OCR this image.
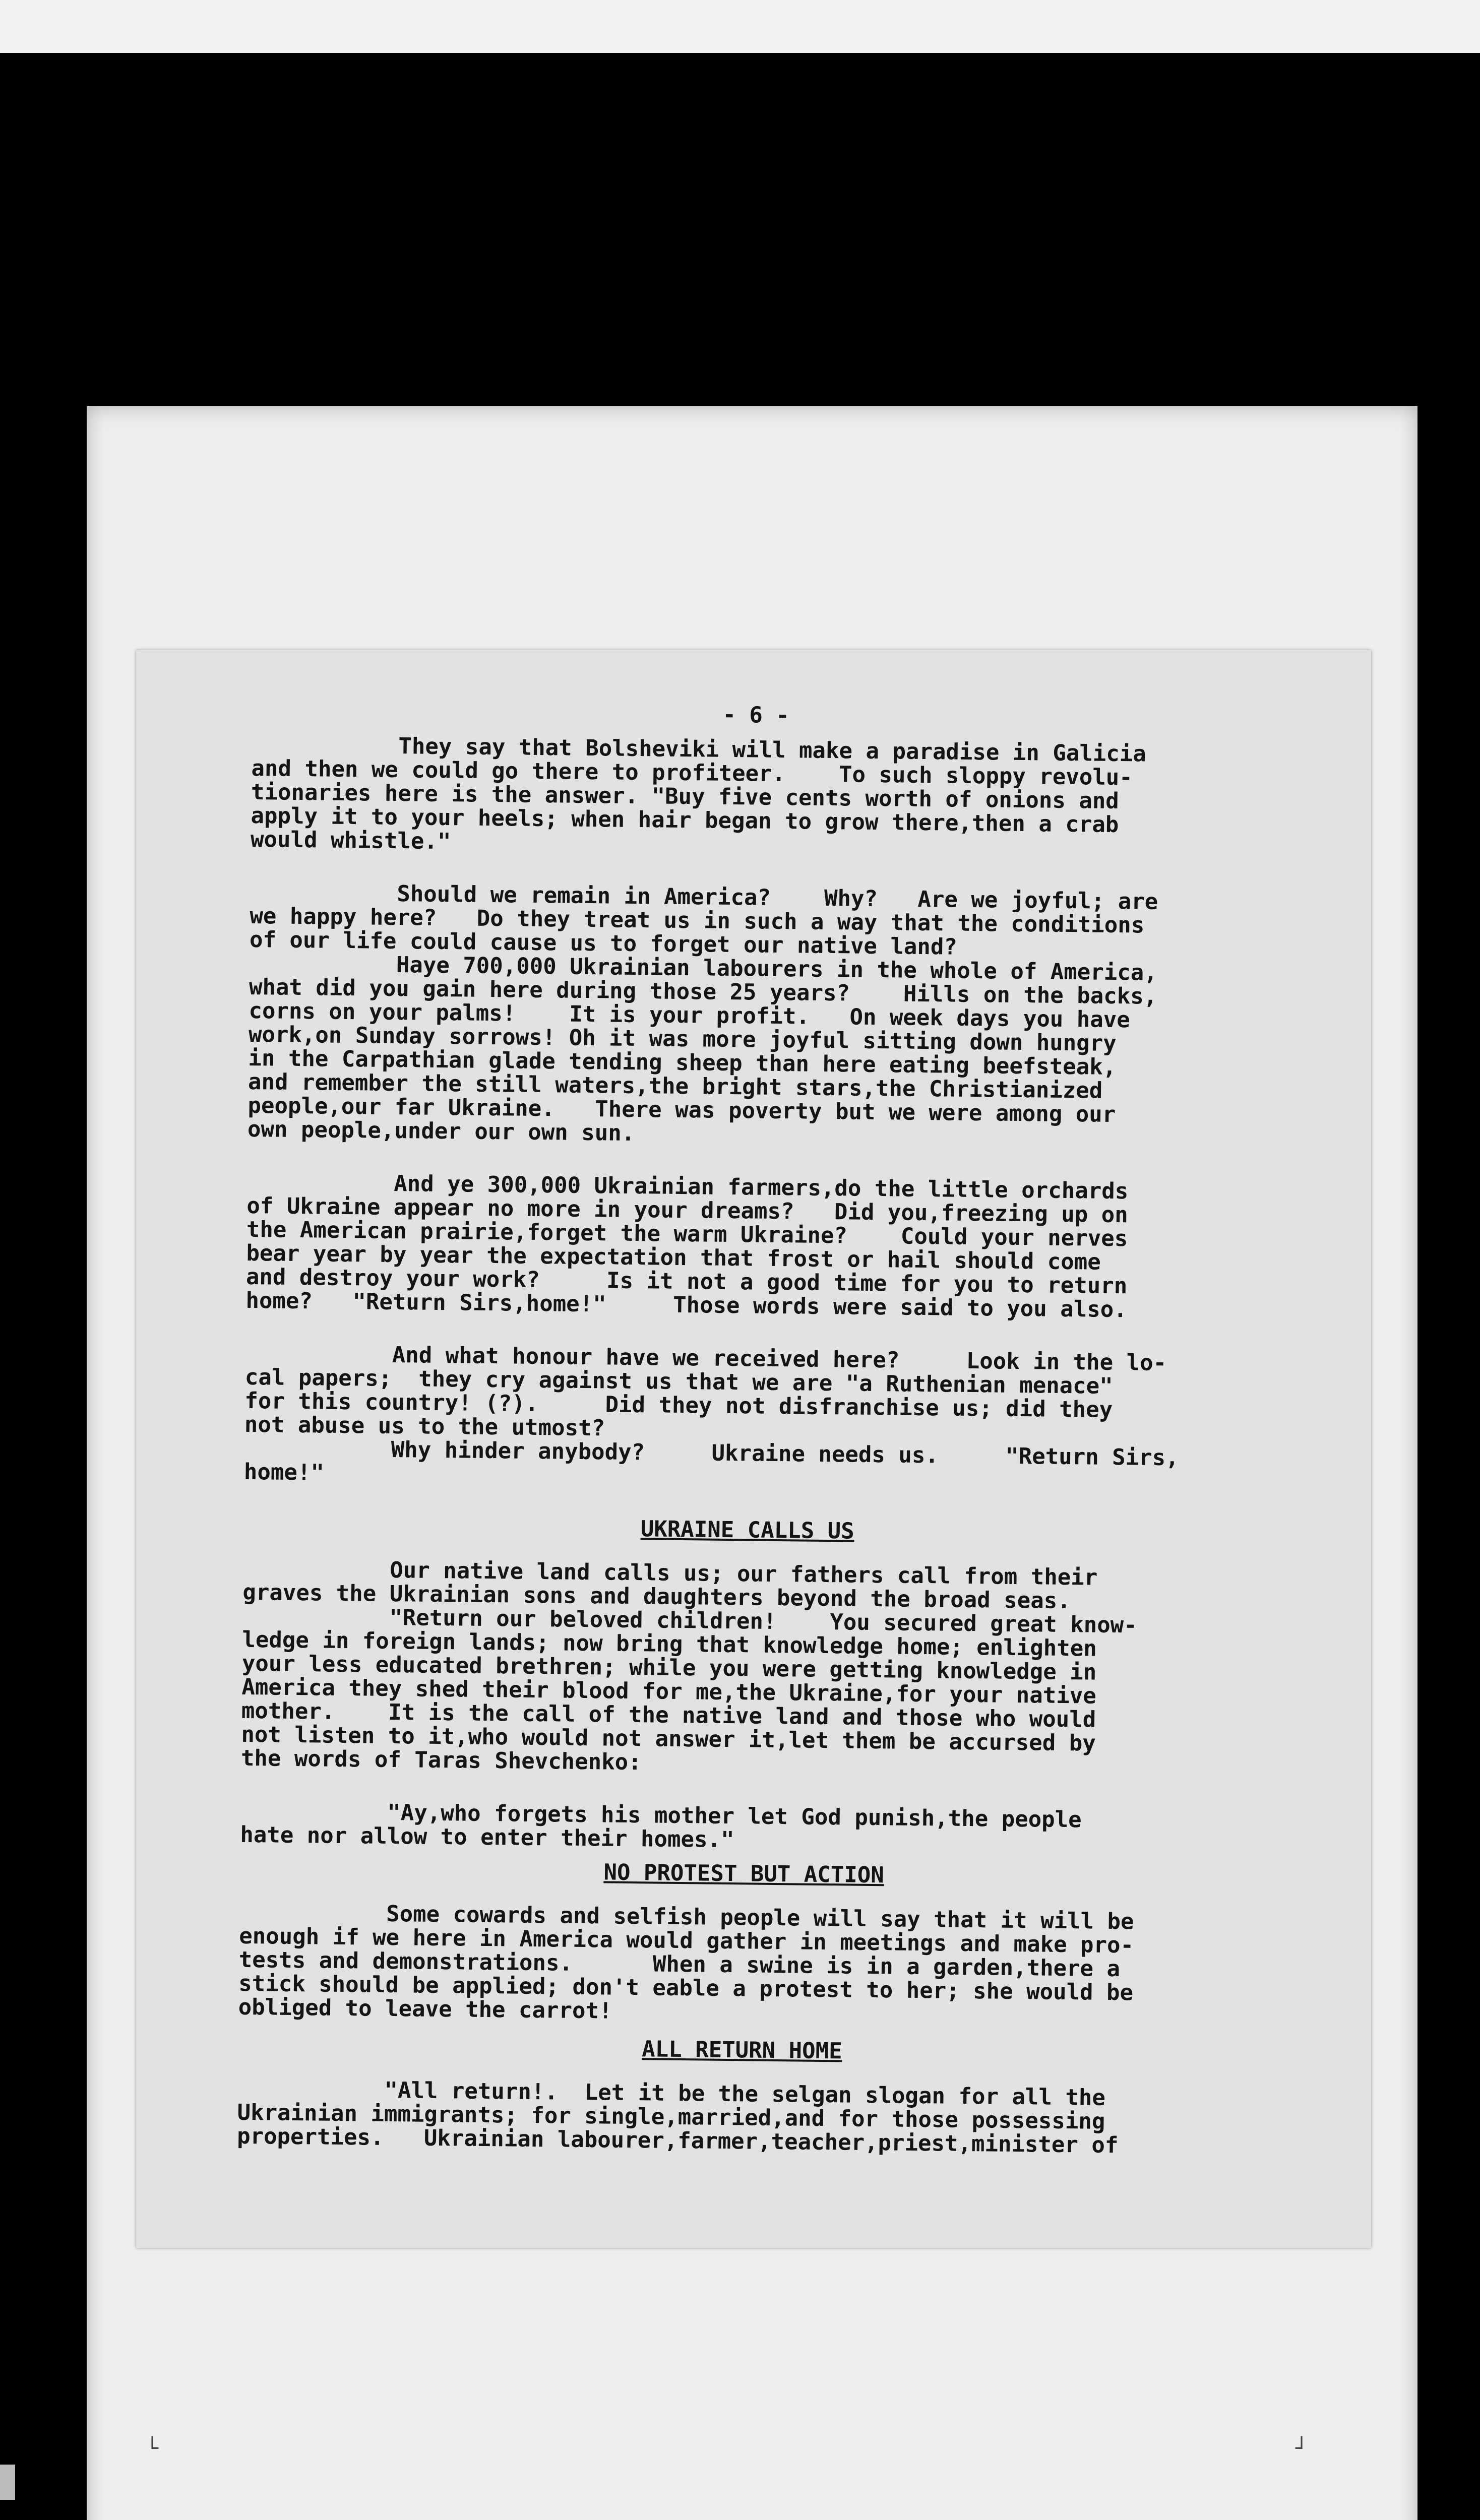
- 6 -

They say that Bolsheviki will make a paradise in Galicia
and then we could go there to profiteer.    To such sloppy revolu-
tionaries here is the answer. "Buy five cents worth of onions and
apply it to your heels; when hair began to grow there,then a crab
would whistle."

Should we remain in America?    Why?   Are we joyful; are
we happy here?   Do they treat us in such a way that the conditions
of our life could cause us to forget our native land?
Haye 700,000 Ukrainian labourers in the whole of America,
what did you gain here during those 25 years?    Hills on the backs,
corns on your palms!    It is your profit.   On week days you have
work,on Sunday sorrows! Oh it was more joyful sitting down hungry
in the Carpathian glade tending sheep than here eating beefsteak,
and remember the still waters,the bright stars,the Christianized
people,our far Ukraine.   There was poverty but we were among our
own people,under our own sun.

And ye 300,000 Ukrainian farmers,do the little orchards
of Ukraine appear no more in your dreams?   Did you,freezing up on
the American prairie,forget the warm Ukraine?    Could your nerves
bear year by year the expectation that frost or hail should come
and destroy your work?     Is it not a good time for you to return
home?   "Return Sirs,home!"     Those words were said to you also.

And what honour have we received here?     Look in the lo-
cal papers;  they cry against us that we are "a Ruthenian menace"
for this country! (?).     Did they not disfranchise us; did they
not abuse us to the utmost?
Why hinder anybody?     Ukraine needs us.     "Return Sirs,
home!"

UKRAINE CALLS US

Our native land calls us; our fathers call from their
graves the Ukrainian sons and daughters beyond the broad seas.
"Return our beloved children!    You secured great know-
ledge in foreign lands; now bring that knowledge home; enlighten
your less educated brethren; while you were getting knowledge in
America they shed their blood for me,the Ukraine,for your native
mother.    It is the call of the native land and those who would
not listen to it,who would not answer it,let them be accursed by
the words of Taras Shevchenko:

"Ay,who forgets his mother let God punish,the people
hate nor allow to enter their homes."

NO PROTEST BUT ACTION

Some cowards and selfish people will say that it will be
enough if we here in America would gather in meetings and make pro-
tests and demonstrations.      When a swine is in a garden,there a
stick should be applied; don't eable a protest to her; she would be
obliged to leave the carrot!

ALL RETURN HOME

"All return!.  Let it be the selgan slogan for all the
Ukrainian immigrants; for single,married,and for those possessing
properties.   Ukrainian labourer,farmer,teacher,priest,minister of

└	┘
